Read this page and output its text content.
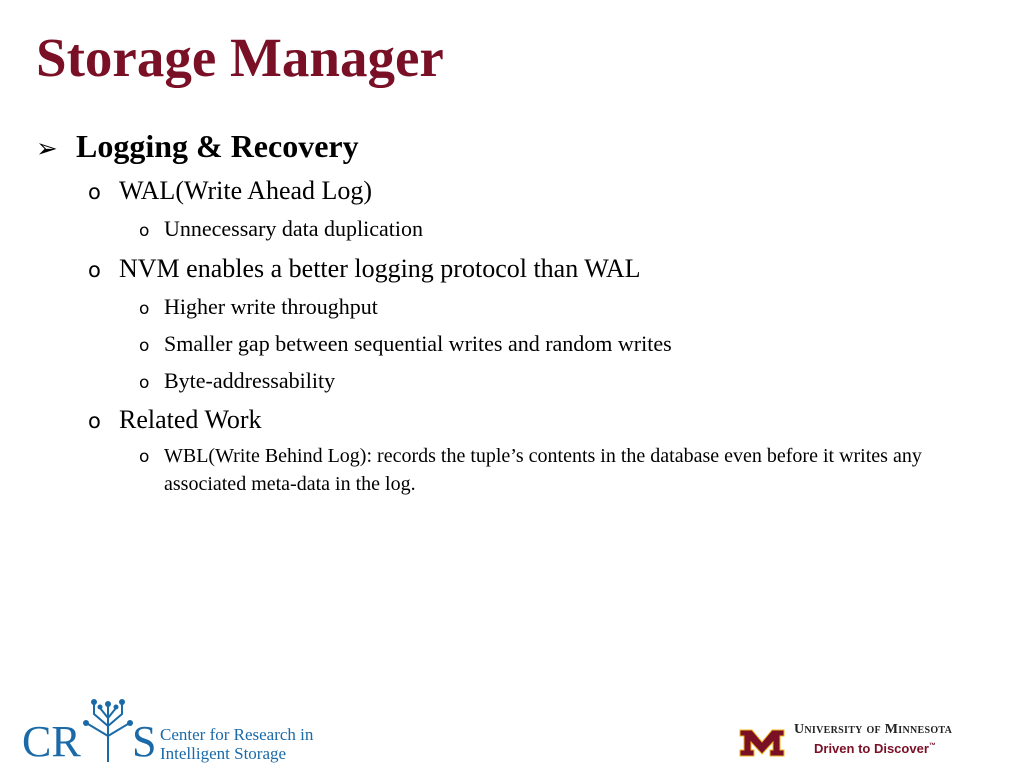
Storage Manager
➢ Logging & Recovery
o WAL(Write Ahead Log)
o Unnecessary data duplication
o NVM enables a better logging protocol than WAL
o Higher write throughput
o Smaller gap between sequential writes and random writes
o Byte-addressability
o Related Work
o WBL(Write Behind Log): records the tuple’s contents in the database even before it writes any associated meta-data in the log.
CR S Center for Research in
Intelligent Storage
University of Minnesota
Driven to Discover™
